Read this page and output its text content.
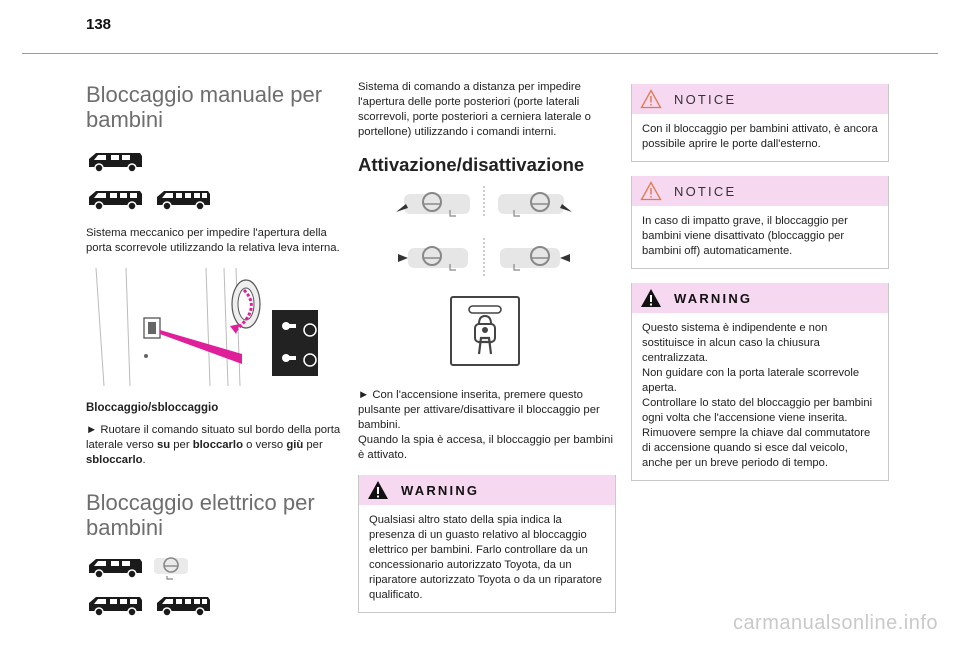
138
Bloccaggio manuale per bambini

Sistema meccanico per impedire l'apertura della porta scorrevole utilizzando la relativa leva interna.

Bloccaggio/sbloccaggio

► Ruotare il comando situato sul bordo della porta laterale verso su per bloccarlo o verso giù per sbloccarlo.

Bloccaggio elettrico per bambini

Sistema di comando a distanza per impedire l'apertura delle porte posteriori (porte laterali scorrevoli, porte posteriori a cerniera laterale o portellone) utilizzando i comandi interni.

Attivazione/disattivazione

► Con l'accensione inserita, premere questo pulsante per attivare/disattivare il bloccaggio per bambini.

Quando la spia è accesa, il bloccaggio per bambini è attivato.

WARNING
Qualsiasi altro stato della spia indica la presenza di un guasto relativo al bloccaggio elettrico per bambini. Farlo controllare da un concessionario autorizzato Toyota, da un riparatore autorizzato Toyota o da un riparatore qualificato.
NOTICE
Con il bloccaggio per bambini attivato, è ancora possibile aprire le porte dall'esterno.
NOTICE
In caso di impatto grave, il bloccaggio per bambini viene disattivato (bloccaggio per bambini off) automaticamente.
WARNING
Questo sistema è indipendente e non sostituisce in alcun caso la chiusura centralizzata.
Non guidare con la porta laterale scorrevole aperta.
Controllare lo stato del bloccaggio per bambini ogni volta che l'accensione viene inserita.
Rimuovere sempre la chiave dal commutatore di accensione quando si esce dal veicolo, anche per un breve periodo di tempo.
carmanualsonline.info
